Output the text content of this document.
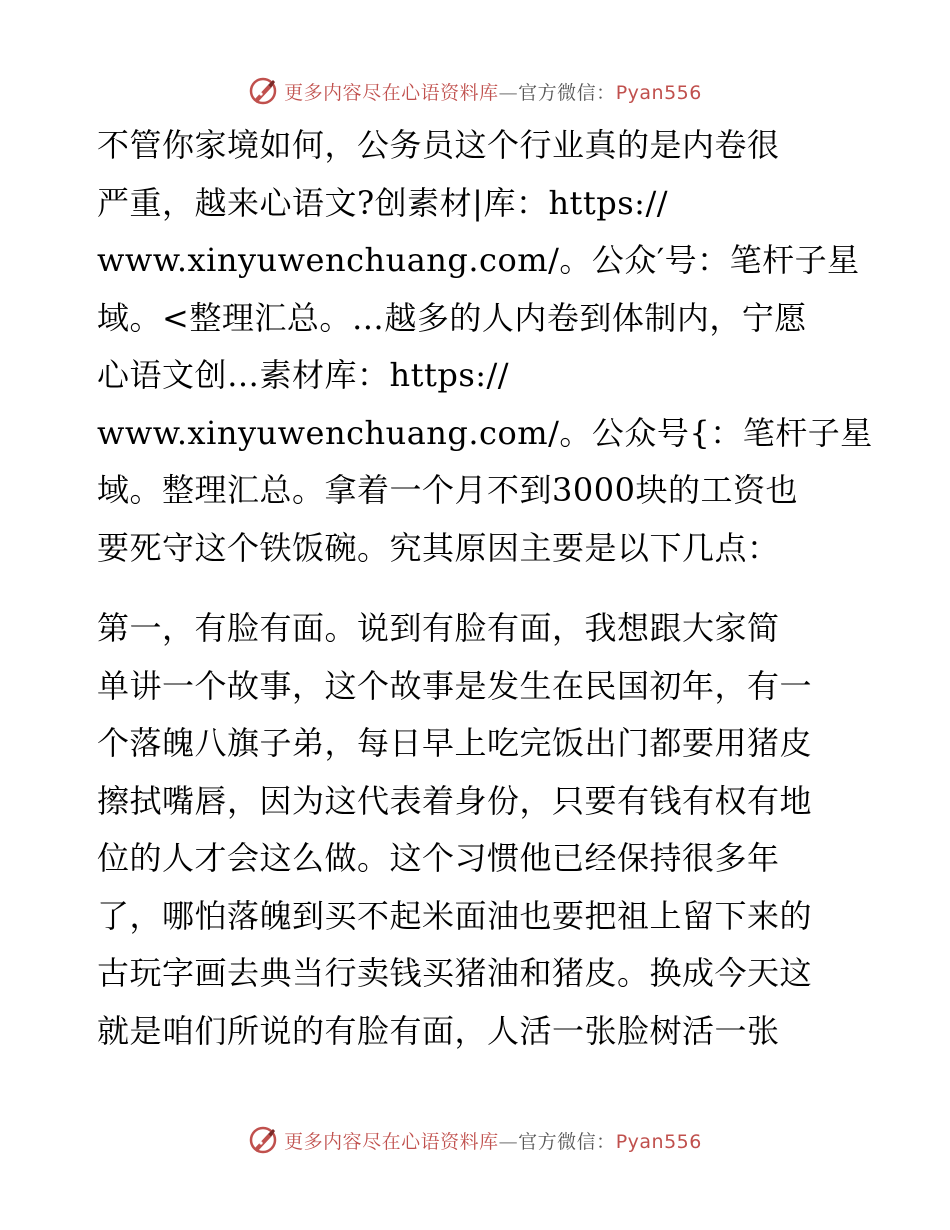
更多内容尽在心语资料库—官方微信：Pyan556
不管你家境如何，公务员这个行业真的是内卷很
严重，越来心语文?创素材|库：https://
www.xinyuwenchuang.com/。公众′号：笔杆子星
域。<整理汇总。…越多的人内卷到体制内，宁愿
心语文创…素材库：https://
www.xinyuwenchuang.com/。公众号{：笔杆子星
域。整理汇总。拿着一个月不到3000块的工资也
要死守这个铁饭碗。究其原因主要是以下几点：
第一，有脸有面。说到有脸有面，我想跟大家简
单讲一个故事，这个故事是发生在民国初年，有一
个落魄八旗子弟，每日早上吃完饭出门都要用猪皮
擦拭嘴唇，因为这代表着身份，只要有钱有权有地
位的人才会这么做。这个习惯他已经保持很多年
了，哪怕落魄到买不起米面油也要把祖上留下来的
古玩字画去典当行卖钱买猪油和猪皮。换成今天这
就是咱们所说的有脸有面，人活一张脸树活一张
更多内容尽在心语资料库—官方微信：Pyan556
